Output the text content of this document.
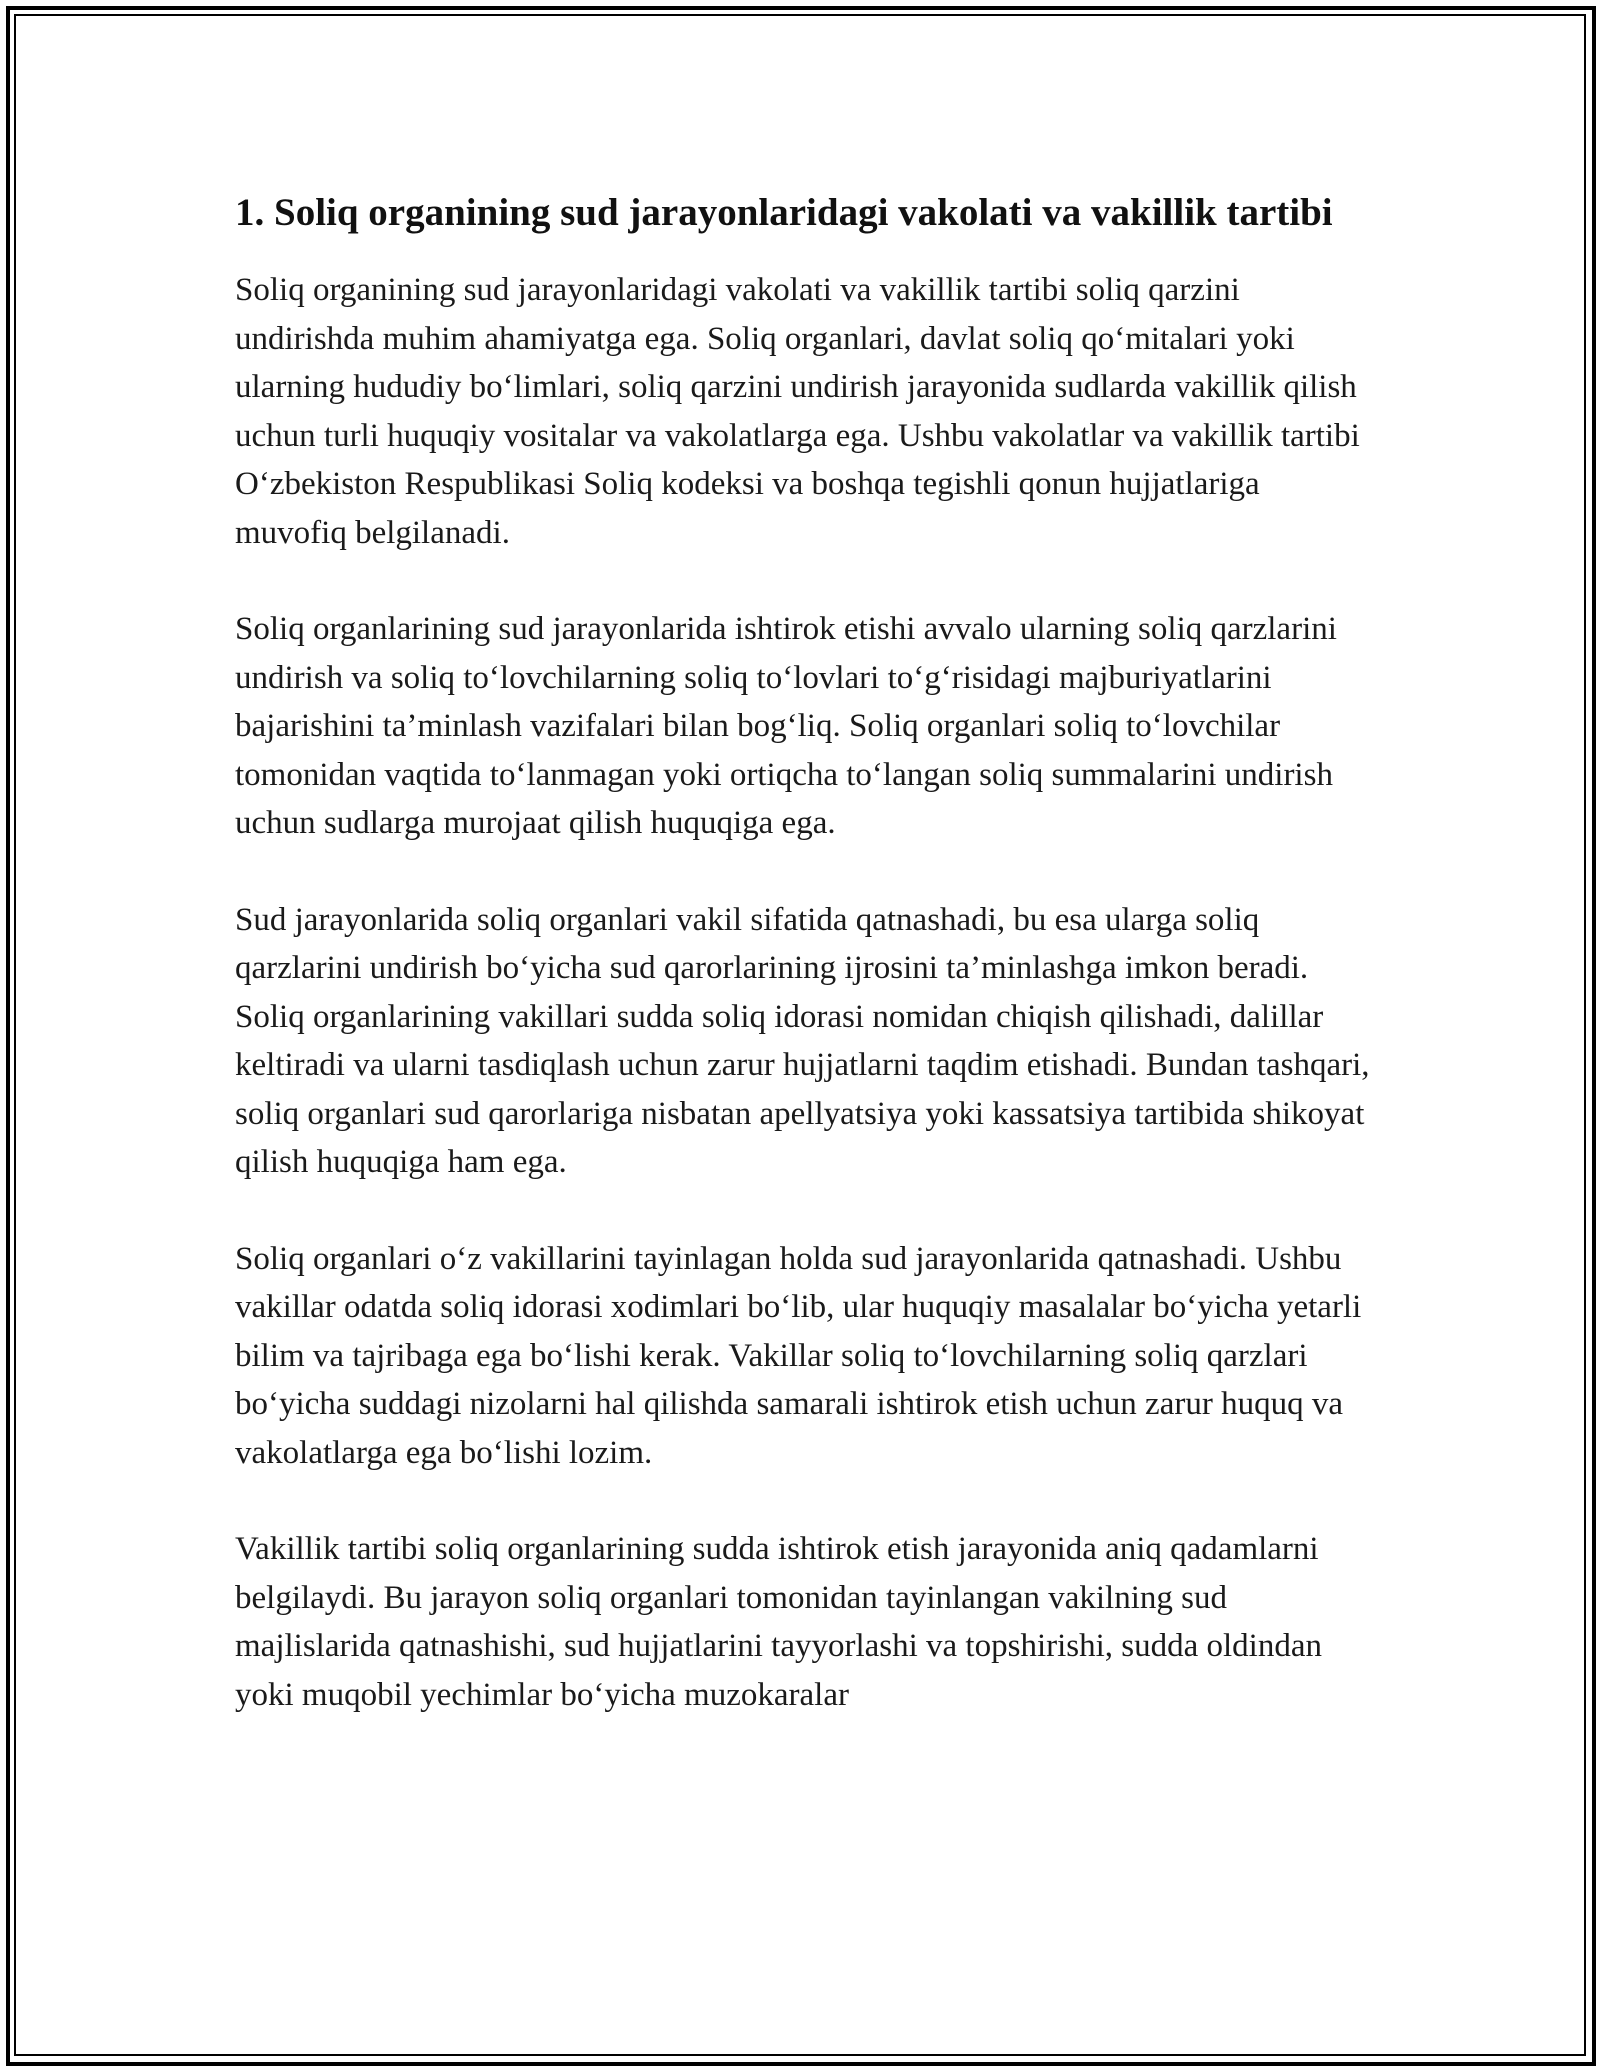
1. Soliq organining sud jarayonlaridagi vakolati va vakillik tartibi

Soliq organining sud jarayonlaridagi vakolati va vakillik tartibi soliq qarzini undirishda muhim ahamiyatga ega. Soliq organlari, davlat soliq qo‘mitalari yoki ularning hududiy bo‘limlari, soliq qarzini undirish jarayonida sudlarda vakillik qilish uchun turli huquqiy vositalar va vakolatlarga ega. Ushbu vakolatlar va vakillik tartibi O‘zbekiston Respublikasi Soliq kodeksi va boshqa tegishli qonun hujjatlariga muvofiq belgilanadi.

Soliq organlarining sud jarayonlarida ishtirok etishi avvalo ularning soliq qarzlarini undirish va soliq to‘lovchilarning soliq to‘lovlari to‘g‘risidagi majburiyatlarini bajarishini ta’minlash vazifalari bilan bog‘liq. Soliq organlari soliq to‘lovchilar tomonidan vaqtida to‘lanmagan yoki ortiqcha to‘langan soliq summalarini undirish uchun sudlarga murojaat qilish huquqiga ega.

Sud jarayonlarida soliq organlari vakil sifatida qatnashadi, bu esa ularga soliq qarzlarini undirish bo‘yicha sud qarorlarining ijrosini ta’minlashga imkon beradi. Soliq organlarining vakillari sudda soliq idorasi nomidan chiqish qilishadi, dalillar keltiradi va ularni tasdiqlash uchun zarur hujjatlarni taqdim etishadi. Bundan tashqari, soliq organlari sud qarorlariga nisbatan apellyatsiya yoki kassatsiya tartibida shikoyat qilish huquqiga ham ega.

Soliq organlari o‘z vakillarini tayinlagan holda sud jarayonlarida qatnashadi. Ushbu vakillar odatda soliq idorasi xodimlari bo‘lib, ular huquqiy masalalar bo‘yicha yetarli bilim va tajribaga ega bo‘lishi kerak. Vakillar soliq to‘lovchilarning soliq qarzlari bo‘yicha suddagi nizolarni hal qilishda samarali ishtirok etish uchun zarur huquq va vakolatlarga ega bo‘lishi lozim.

Vakillik tartibi soliq organlarining sudda ishtirok etish jarayonida aniq qadamlarni belgilaydi. Bu jarayon soliq organlari tomonidan tayinlangan vakilning sud majlislarida qatnashishi, sud hujjatlarini tayyorlashi va topshirishi, sudda oldindan yoki muqobil yechimlar bo‘yicha muzokaralar
